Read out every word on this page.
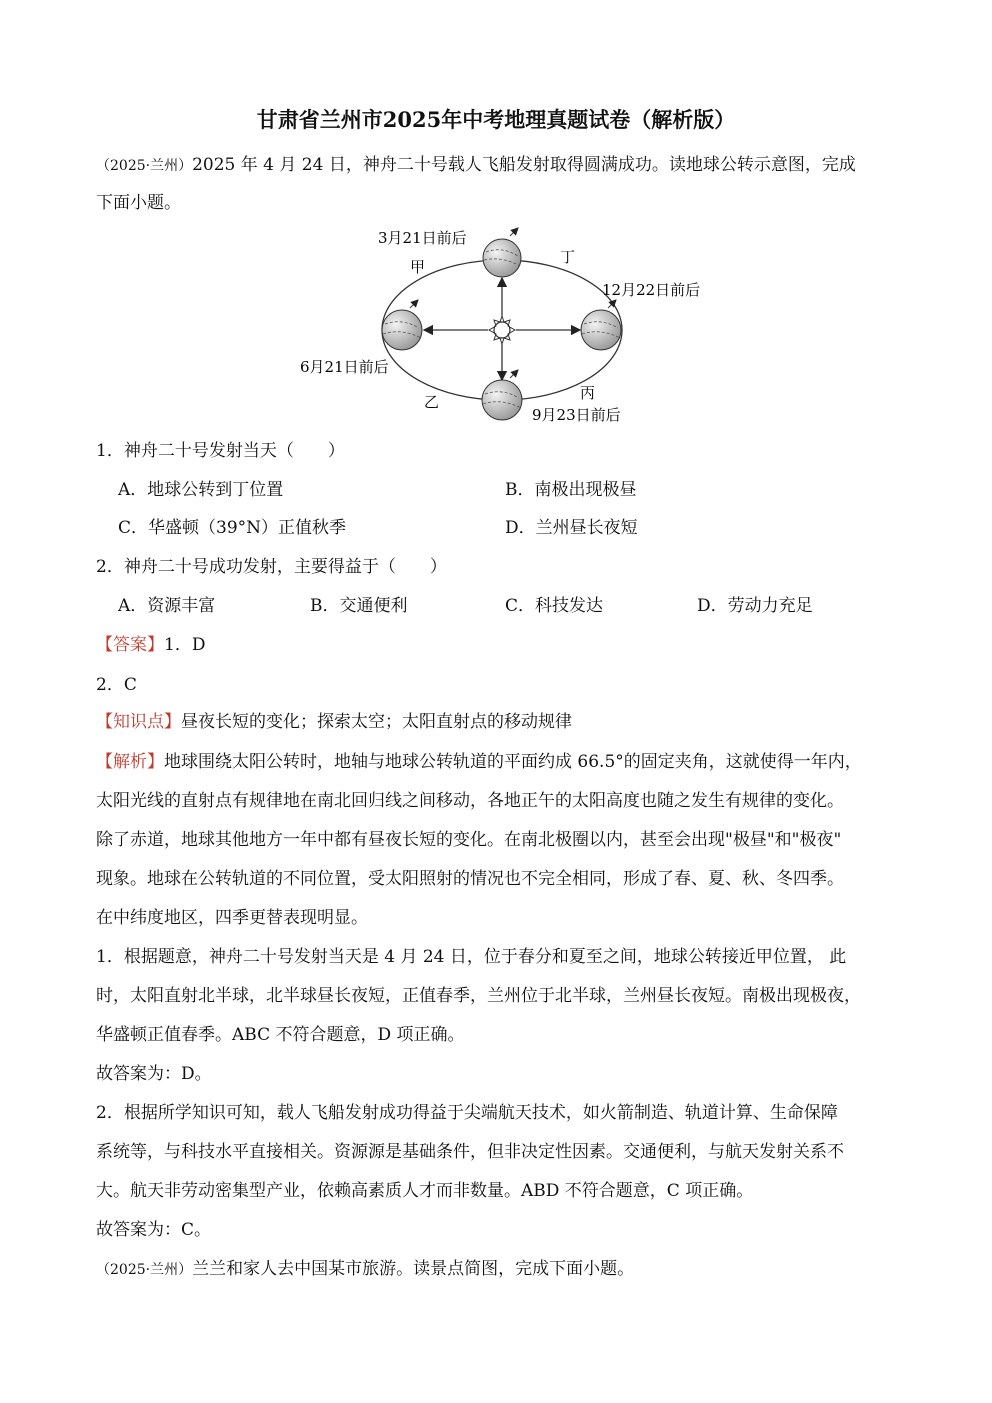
甘肃省兰州市2025年中考地理真题试卷（解析版）
（2025·兰州）2025 年 4 月 24 日，神舟二十号载人飞船发射取得圆满成功。读地球公转示意图，完成
下面小题。
3月21日前后
12月22日前后
6月21日前后
9月23日前后
甲
丁
乙	丙
1．神舟二十号发射当天（　　）
A．地球公转到丁位置	B．南极出现极昼
C．华盛顿（39°N）正值秋季	D．兰州昼长夜短
2．神舟二十号成功发射，主要得益于（　　）
A．资源丰富	B．交通便利	C．科技发达	D．劳动力充足
【答案】1．D
2．C
【知识点】昼夜长短的变化；探索太空；太阳直射点的移动规律
【解析】地球围绕太阳公转时，地轴与地球公转轨道的平面约成 66.5°的固定夹角，这就使得一年内，
太阳光线的直射点有规律地在南北回归线之间移动，各地正午的太阳高度也随之发生有规律的变化。
除了赤道，地球其他地方一年中都有昼夜长短的变化。在南北极圈以内，甚至会出现"极昼"和"极夜"
现象。地球在公转轨道的不同位置，受太阳照射的情况也不完全相同，形成了春、夏、秋、冬四季。
在中纬度地区，四季更替表现明显。
1．根据题意，神舟二十号发射当天是 4 月 24 日，位于春分和夏至之间，地球公转接近甲位置， 此
时，太阳直射北半球，北半球昼长夜短，正值春季，兰州位于北半球，兰州昼长夜短。南极出现极夜，
华盛顿正值春季。ABC 不符合题意，D 项正确。
故答案为：D。
2．根据所学知识可知，载人飞船发射成功得益于尖端航天技术，如火箭制造、轨道计算、生命保障
系统等，与科技水平直接相关。资源源是基础条件，但非决定性因素。交通便利，与航天发射关系不
大。航天非劳动密集型产业，依赖高素质人才而非数量。ABD 不符合题意，C 项正确。
故答案为：C。
（2025·兰州）兰兰和家人去中国某市旅游。读景点简图，完成下面小题。
